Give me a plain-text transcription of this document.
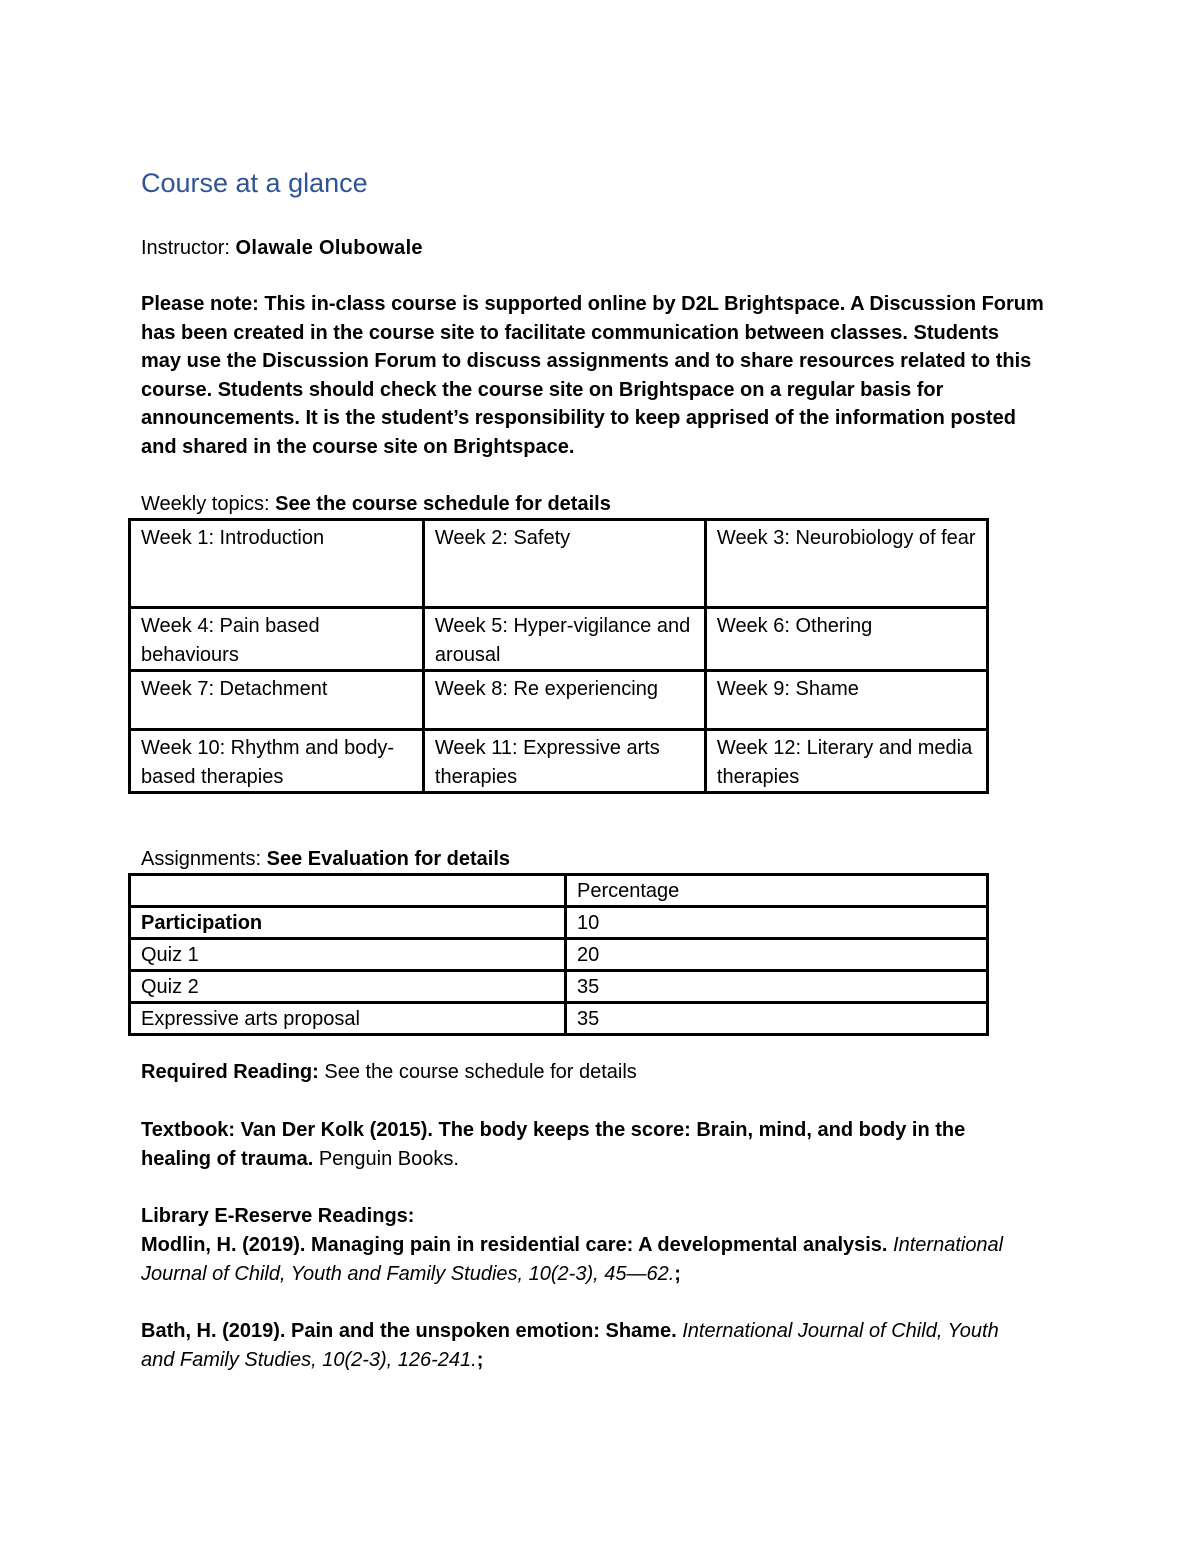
Course at a glance
Instructor: Olawale Olubowale
Please note: This in-class course is supported online by D2L Brightspace. A Discussion Forum
has been created in the course site to facilitate communication between classes. Students
may use the Discussion Forum to discuss assignments and to share resources related to this
course. Students should check the course site on Brightspace on a regular basis for
announcements. It is the student’s responsibility to keep apprised of the information posted
and shared in the course site on Brightspace.
Weekly topics: See the course schedule for details
Week 1: Introduction	Week 2: Safety	Week 3: Neurobiology of fear
Week 4: Pain based behaviours	Week 5: Hyper-vigilance and arousal	Week 6: Othering
Week 7: Detachment	Week 8: Re experiencing	Week 9: Shame
Week 10: Rhythm and body-based therapies	Week 11: Expressive arts therapies	Week 12: Literary and media therapies
Assignments: See Evaluation for details
	Percentage
Participation	10
Quiz 1	20
Quiz 2	35
Expressive arts proposal	35
Required Reading: See the course schedule for details
Textbook: Van Der Kolk (2015). The body keeps the score: Brain, mind, and body in the
healing of trauma. Penguin Books.
Library E-Reserve Readings:
Modlin, H. (2019). Managing pain in residential care: A developmental analysis. International
Journal of Child, Youth and Family Studies, 10(2-3), 45—62.;
Bath, H. (2019). Pain and the unspoken emotion: Shame. International Journal of Child, Youth
and Family Studies, 10(2-3), 126-241.;
